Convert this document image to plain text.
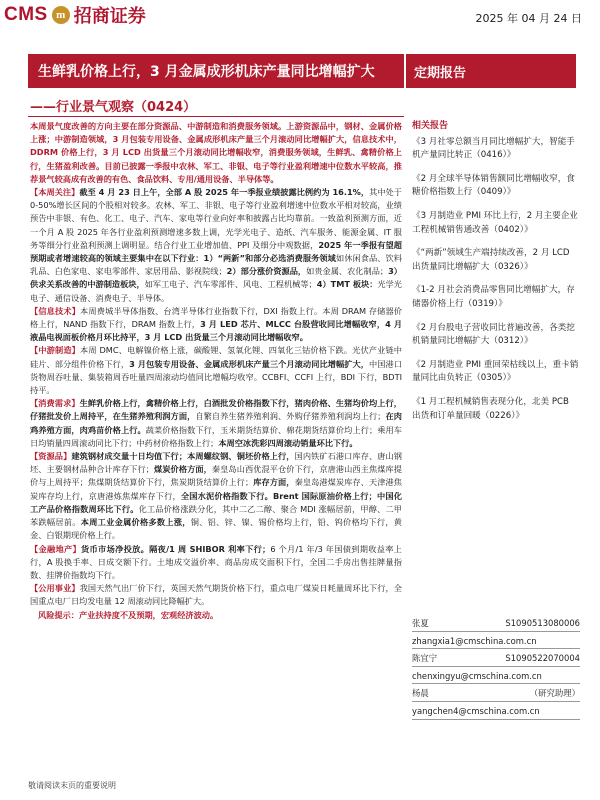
CMS m 招商证券	2025 年 04 月 24 日
生鲜乳价格上行，3 月金属成形机床产量同比增幅扩大	定期报告
——行业景气观察（0424）

本周景气度改善的方向主要在部分资源品、中游制造和消费服务领域。上游资源品中，钢材、金属价格上涨；中游制造领域，3 月包装专用设备、金属成形机床产量三个月滚动同比增幅扩大，信息技术中，DDRM 价格上行，3 月 LCD 出货量三个月滚动同比增幅收窄，消费服务领域，生鲜乳、禽精价格上行，生猪盈利改善。目前已披露一季报中农林、军工、非银、电子等行业盈利增速中位数水平较高，推荐景气较高成有改善的有色、食品饮料、专用/通用设备、半导体等。

【本周关注】截至 4 月 23 日上午，全部 A 股 2025 年一季报业绩披露比例约为 16.1%，其中处于 0-50%增长区间的个股相对较多。农林、军工、非银、电子等行业盈利增速中位数水平相对较高，业绩预告中非银、有色、化工、电子、汽车、家电等行业向好率和披露占比均靠前。一致盈利预测方面，近一个月 A 股 2025 年各行业盈利预测增速多数上调，光学光电子、造纸、汽车服务、能源金属、IT 服务等细分行业盈利预测上调明显。结合行业工业增加值、PPI 及细分中观数据，2025 年一季报有望超预期或者增速较高的领域主要集中在以下行业：1）“两新”和部分必选消费服务领域如休闲食品、饮料乳品、白色家电、家电零部件、家居用品、影视院线；2）部分涨价资源品，如贵金属、农化制品；3）供求关系改善的中游制造板块，如军工电子、汽车零部件、风电、工程机械等；4）TMT 板块：光学光电子、通信设备、消费电子、半导体。

【信息技术】本周费城半导体指数、台湾半导体行业指数下行，DXI 指数上行。本周 DRAM 存储器价格上行，NAND 指数下行，DRAM 指数上行，3 月 LED 芯片、MLCC 台股营收同比增幅收窄，4 月液晶电视面板价格月环比持平，3 月 LCD 出货量三个月滚动同比增幅收窄。

【中游制造】本周 DMC、电解镍价格上涨，碳酸锂、氢氧化锂、四氧化三钴价格下跌。光伏产业链中硅片、部分组件价格下行，3 月包装专用设备、金属成形机床产量三个月滚动同比增幅扩大，中国港口货物周吞吐量、集装箱周吞吐量四周滚动均值同比增幅均收窄。CCBFI、CCFI 上行，BDI 下行，BDTI 持平。

【消费需求】生鲜乳价格上行，禽精价格上行，白酒批发价格指数下行，猪肉价格、生猪均价均上行，仔猪批发价上周持平，在生猪养殖利润方面，自繁自养生猪养殖利润、外购仔猪养殖利润均上行；在肉鸡养殖方面，肉鸡苗价格上行。蔬菜价格指数下行，玉米期货结算价、棉花期货结算价均上行；乘用车日均销量四周滚动同比下行；中药材价格指数上行；本周空冰洗彩四周滚动销量环比下行。

【资源品】建筑钢材成交量十日均值下行；本周螺纹钢、铜坯价格上行，国内铁矿石港口库存、唐山钢坯、主要钢材品种合计库存下行；煤炭价格方面，秦皇岛山西优混平仓价下行，京唐港山西主焦煤库提价与上周持平；焦煤期货结算价下行，焦炭期货结算价上行；库存方面，秦皇岛港煤炭库存、天津港焦炭库存均上行，京唐港炼焦煤库存下行，全国水泥价格指数下行。Brent 国际原油价格上行；中国化工产品价格指数周环比下行。化工品价格涨跌分化，其中二乙二醇、聚合 MDI 涨幅居前，甲醇、二甲苯跌幅居前。本周工业金属价格多数上涨，铜、铝、锌、镍、锡价格均上行，铅、钨价格均下行，黄金、白银期现价格上行。

【金融地产】货币市场净投放。隔夜/1 周 SHIBOR 利率下行；6 个月/1 年/3 年国债到期收益率上行，A 股换手率、日成交额下行。土地成交溢价率、商品房成交面积下行，全国二手房出售挂牌量指数、挂牌价指数均下行。

【公用事业】我国天然气出厂价下行，英国天然气期货价格下行，重点电厂煤炭日耗量周环比下行，全国重点电厂日均发电量 12 周滚动同比降幅扩大。

风险提示：产业扶持度不及预期，宏观经济波动。

相关报告

《3 月社零总额当月同比增幅扩大，智能手机产量同比转正（0416）》

《2 月全球半导体销售额同比增幅收窄，食糖价格指数上行（0409）》

《3 月制造业 PMI 环比上行，2 月主要企业工程机械销售通改善（0402）》

《“两新”领域生产端持续改善，2 月 LCD 出货量同比增幅扩大（0326）》

《1-2 月社会消费品零售同比增幅扩大，存储器价格上行（0319）》

《2 月台股电子营收同比普遍改善，各类挖机销量同比增幅扩大（0312）》

《2 月制造业 PMI 重回荣枯线以上，重卡销量同比由负转正（0305）》

《1 月工程机械销售表现分化，北美 PCB 出货和订单量回暖（0226）》

张夏	S1090513080006
zhangxia1@cmschina.com.cn
陈宜宁	S1090522070004
chenxingyu@cmschina.com.cn
杨晨	（研究助理）
yangchen4@cmschina.com.cn
敬请阅读末页的重要说明
